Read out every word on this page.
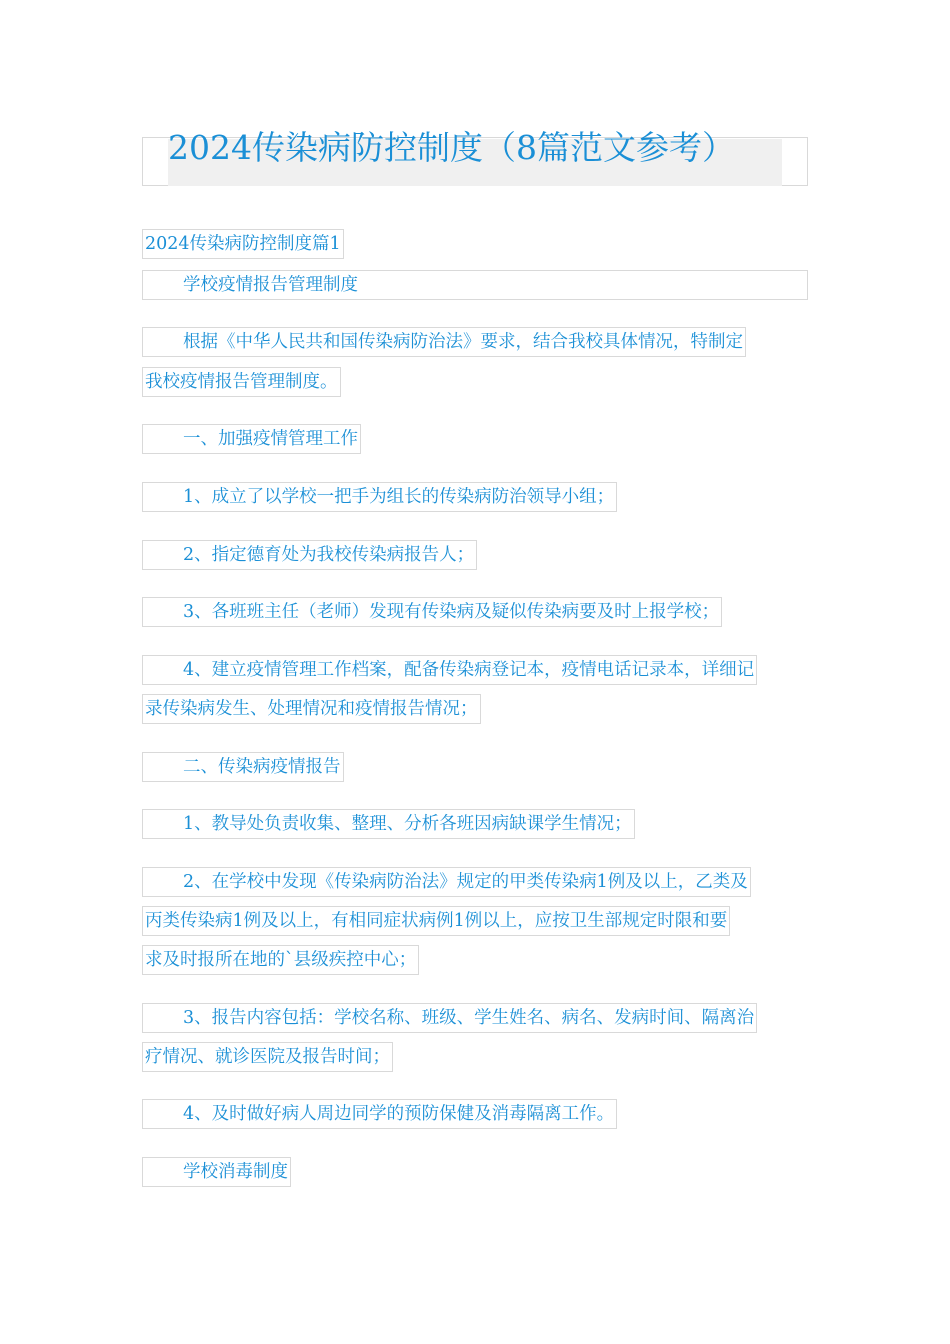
2024传染病防控制度（8篇范文参考）
2024传染病防控制度篇1
学校疫情报告管理制度
根据《中华人民共和国传染病防治法》要求，结合我校具体情况，特制定
我校疫情报告管理制度。
一、加强疫情管理工作
1、成立了以学校一把手为组长的传染病防治领导小组；
2、指定德育处为我校传染病报告人；
3、各班班主任（老师）发现有传染病及疑似传染病要及时上报学校；
4、建立疫情管理工作档案，配备传染病登记本，疫情电话记录本，详细记
录传染病发生、处理情况和疫情报告情况；
二、传染病疫情报告
1、教导处负责收集、整理、分析各班因病缺课学生情况；
2、在学校中发现《传染病防治法》规定的甲类传染病1例及以上，乙类及
丙类传染病1例及以上，有相同症状病例1例以上，应按卫生部规定时限和要
求及时报所在地的`县级疾控中心；
3、报告内容包括：学校名称、班级、学生姓名、病名、发病时间、隔离治
疗情况、就诊医院及报告时间；
4、及时做好病人周边同学的预防保健及消毒隔离工作。
学校消毒制度
